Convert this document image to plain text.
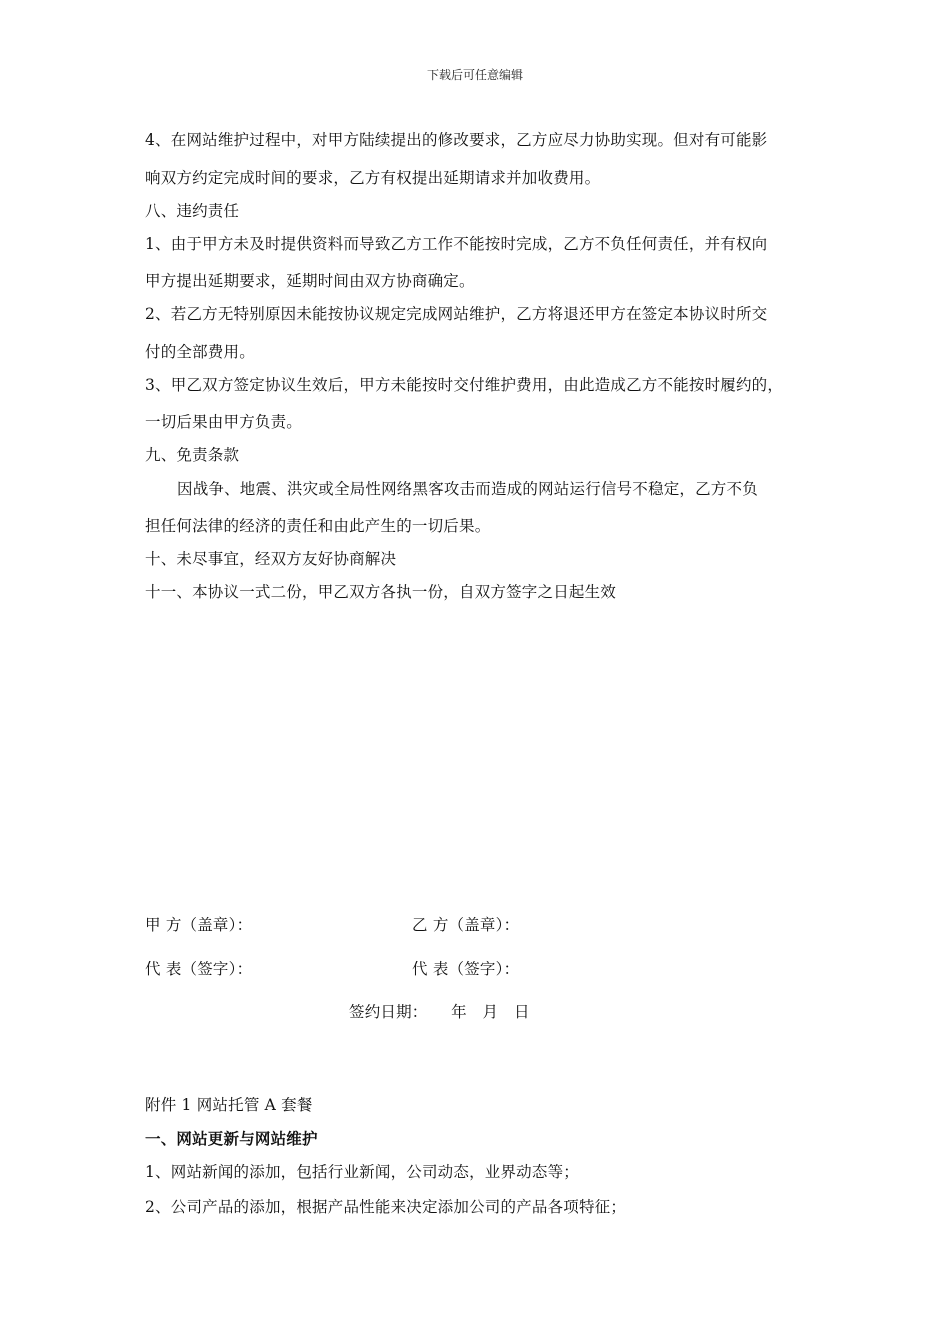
下载后可任意编辑
4、在网站维护过程中，对甲方陆续提出的修改要求，乙方应尽力协助实现。但对有可能影
响双方约定完成时间的要求，乙方有权提出延期请求并加收费用。
八、违约责任
1、由于甲方未及时提供资料而导致乙方工作不能按时完成，乙方不负任何责任，并有权向
甲方提出延期要求，延期时间由双方协商确定。
2、若乙方无特别原因未能按协议规定完成网站维护，乙方将退还甲方在签定本协议时所交
付的全部费用。
3、甲乙双方签定协议生效后，甲方未能按时交付维护费用，由此造成乙方不能按时履约的，
一切后果由甲方负责。
九、免责条款
因战争、地震、洪灾或全局性网络黑客攻击而造成的网站运行信号不稳定，乙方不负
担任何法律的经济的责任和由此产生的一切后果。
十、未尽事宜，经双方友好协商解决
十一、本协议一式二份，甲乙双方各执一份，自双方签字之日起生效
甲 方（盖章）：	乙 方（盖章）：
代 表（签字）：	代 表（签字）：
签约日期：　　年　月　日
附件 1 网站托管 A 套餐
一、网站更新与网站维护
1、网站新闻的添加，包括行业新闻，公司动态，业界动态等；
2、公司产品的添加，根据产品性能来决定添加公司的产品各项特征；
